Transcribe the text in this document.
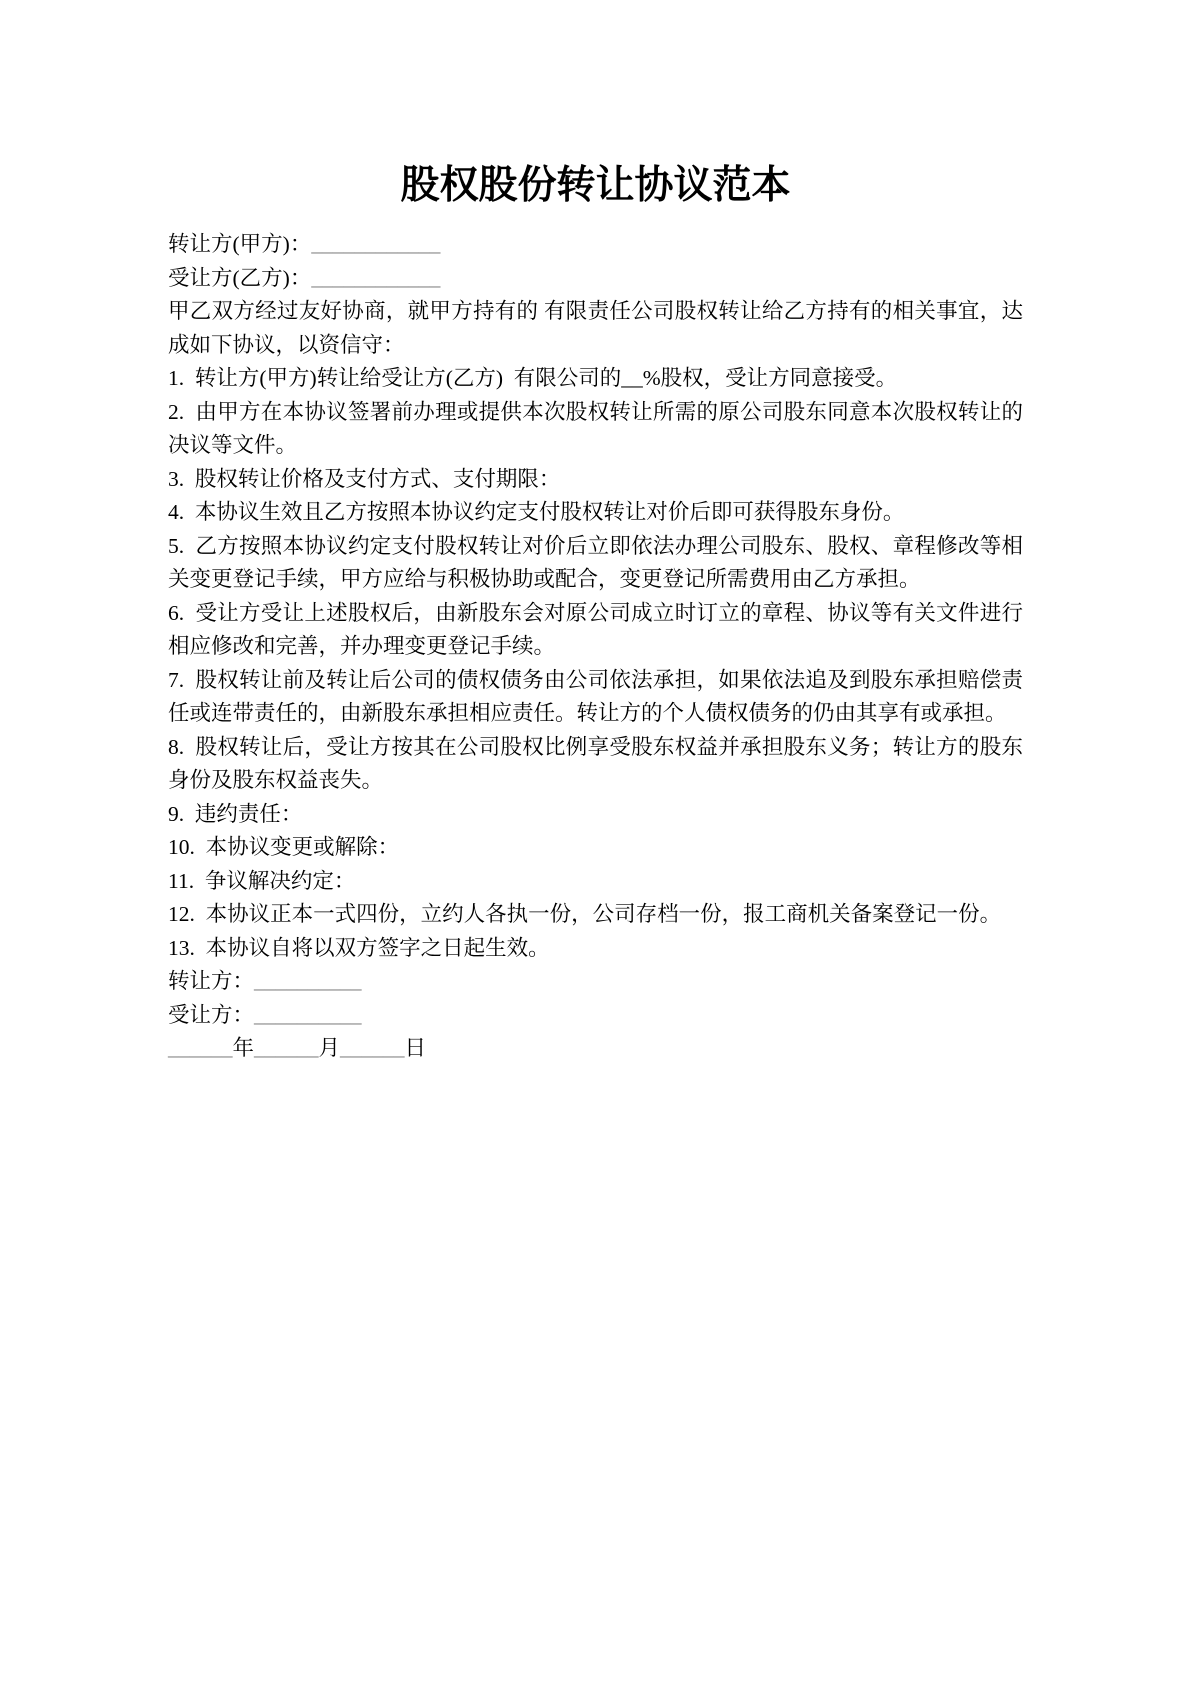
股权股份转让协议范本

转让方(甲方)：____________

受让方(乙方)：____________

甲乙双方经过友好协商，就甲方持有的 有限责任公司股权转让给乙方持有的相关事宜，达成如下协议，以资信守：

1.  转让方(甲方)转让给受让方(乙方)  有限公司的__%股权，受让方同意接受。

2.  由甲方在本协议签署前办理或提供本次股权转让所需的原公司股东同意本次股权转让的决议等文件。

3.  股权转让价格及支付方式、支付期限：

4.  本协议生效且乙方按照本协议约定支付股权转让对价后即可获得股东身份。

5.  乙方按照本协议约定支付股权转让对价后立即依法办理公司股东、股权、章程修改等相关变更登记手续，甲方应给与积极协助或配合，变更登记所需费用由乙方承担。

6.  受让方受让上述股权后，由新股东会对原公司成立时订立的章程、协议等有关文件进行相应修改和完善，并办理变更登记手续。

7.  股权转让前及转让后公司的债权债务由公司依法承担，如果依法追及到股东承担赔偿责任或连带责任的，由新股东承担相应责任。转让方的个人债权债务的仍由其享有或承担。

8.  股权转让后，受让方按其在公司股权比例享受股东权益并承担股东义务；转让方的股东身份及股东权益丧失。

9.  违约责任：

10.  本协议变更或解除：

11.  争议解决约定：

12.  本协议正本一式四份，立约人各执一份，公司存档一份，报工商机关备案登记一份。

13.  本协议自将以双方签字之日起生效。

转让方：__________

受让方：__________

______年______月______日
